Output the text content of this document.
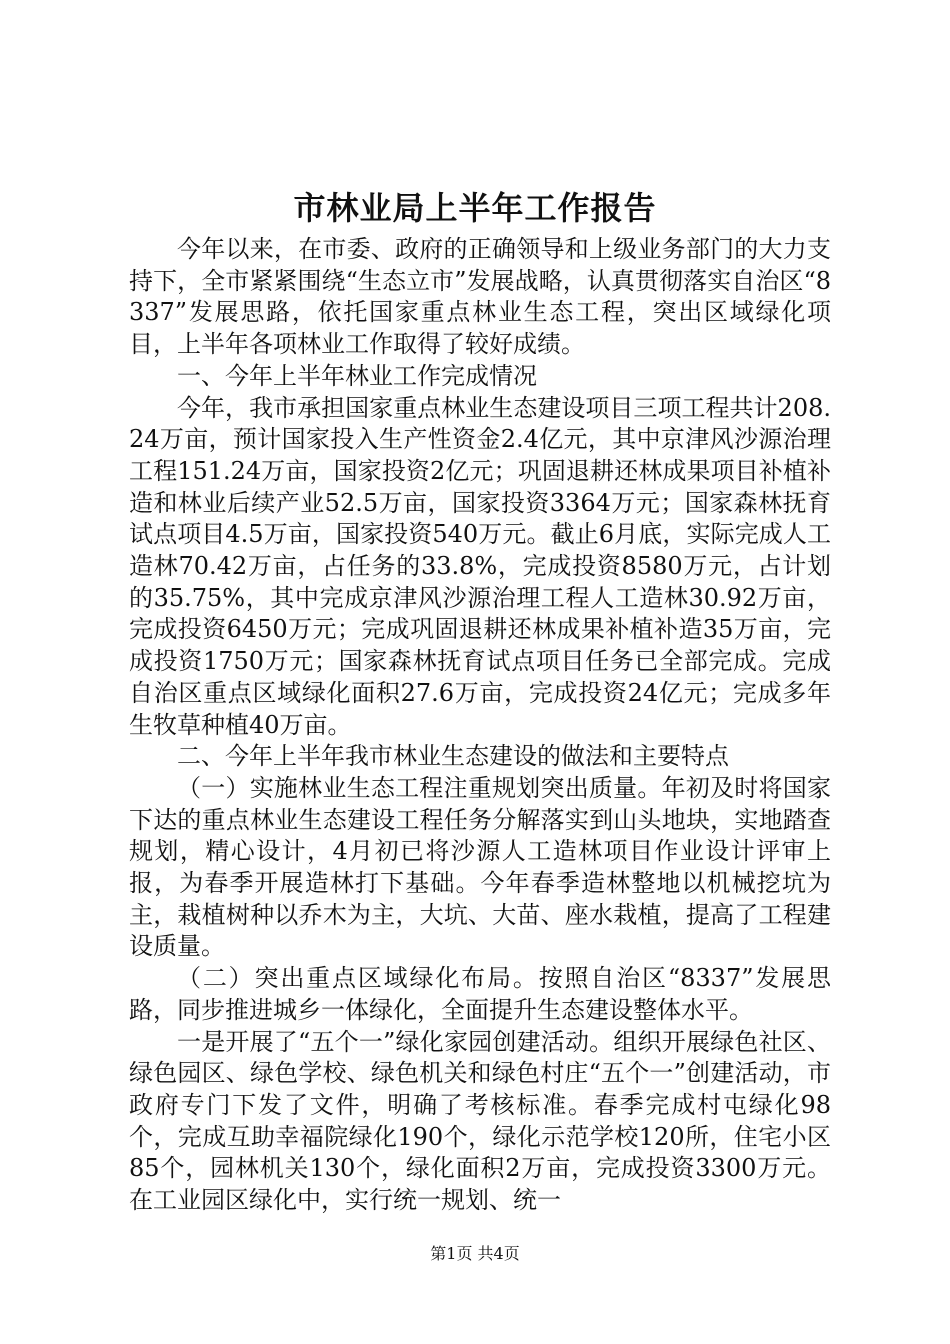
市林业局上半年工作报告

今年以来，在市委、政府的正确领导和上级业务部门的大力支持下，全市紧紧围绕“生态立市”发展战略，认真贯彻落实自治区“8337”发展思路，依托国家重点林业生态工程，突出区域绿化项目，上半年各项林业工作取得了较好成绩。

一、今年上半年林业工作完成情况

今年，我市承担国家重点林业生态建设项目三项工程共计208.24万亩，预计国家投入生产性资金2.4亿元，其中京津风沙源治理工程151.24万亩，国家投资2亿元；巩固退耕还林成果项目补植补造和林业后续产业52.5万亩，国家投资3364万元；国家森林抚育试点项目4.5万亩，国家投资540万元。截止6月底，实际完成人工造林70.42万亩，占任务的33.8%，完成投资8580万元，占计划的35.75%，其中完成京津风沙源治理工程人工造林30.92万亩，完成投资6450万元；完成巩固退耕还林成果补植补造35万亩，完成投资1750万元；国家森林抚育试点项目任务已全部完成。完成自治区重点区域绿化面积27.6万亩，完成投资24亿元；完成多年生牧草种植40万亩。

二、今年上半年我市林业生态建设的做法和主要特点

（一）实施林业生态工程注重规划突出质量。年初及时将国家下达的重点林业生态建设工程任务分解落实到山头地块，实地踏查规划，精心设计，4月初已将沙源人工造林项目作业设计评审上报，为春季开展造林打下基础。今年春季造林整地以机械挖坑为主，栽植树种以乔木为主，大坑、大苗、座水栽植，提高了工程建设质量。

（二）突出重点区域绿化布局。按照自治区“8337”发展思路，同步推进城乡一体绿化，全面提升生态建设整体水平。

一是开展了“五个一”绿化家园创建活动。组织开展绿色社区、绿色园区、绿色学校、绿色机关和绿色村庄“五个一”创建活动，市政府专门下发了文件，明确了考核标准。春季完成村屯绿化98个，完成互助幸福院绿化190个，绿化示范学校120所，住宅小区85个，园林机关130个，绿化面积2万亩，完成投资3300万元。在工业园区绿化中，实行统一规划、统一

第1页 共4页
